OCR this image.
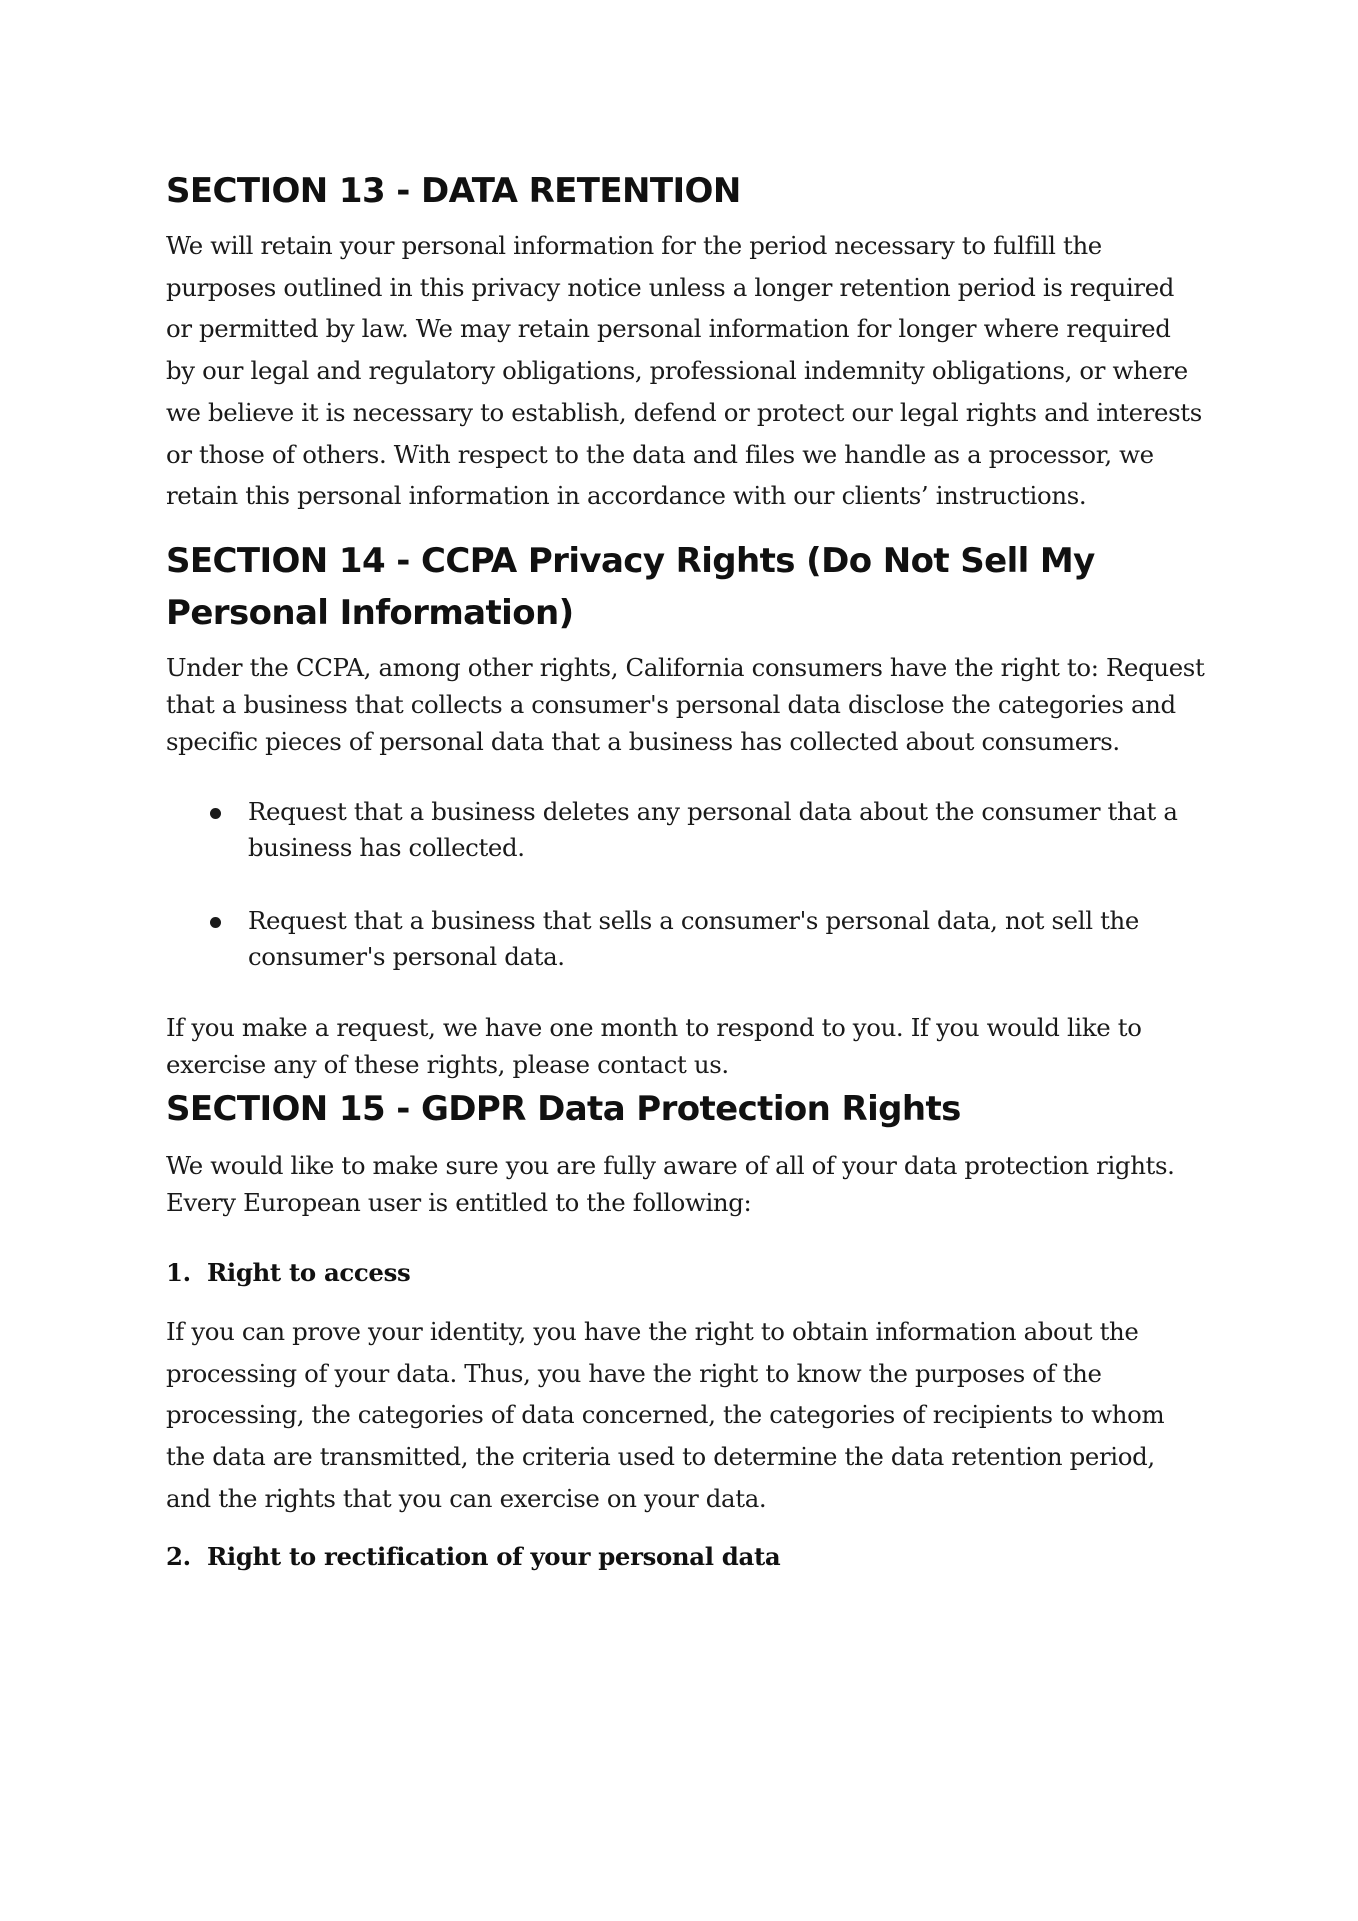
SECTION 13 - DATA RETENTION

We will retain your personal information for the period necessary to fulfill the purposes outlined in this privacy notice unless a longer retention period is required or permitted by law. We may retain personal information for longer where required by our legal and regulatory obligations, professional indemnity obligations, or where we believe it is necessary to establish, defend or protect our legal rights and interests or those of others. With respect to the data and files we handle as a processor, we retain this personal information in accordance with our clients’ instructions.

SECTION 14 - CCPA Privacy Rights (Do Not Sell My Personal Information)

Under the CCPA, among other rights, California consumers have the right to: Request that a business that collects a consumer's personal data disclose the categories and specific pieces of personal data that a business has collected about consumers.

Request that a business deletes any personal data about the consumer that a business has collected.
Request that a business that sells a consumer's personal data, not sell the consumer's personal data.

If you make a request, we have one month to respond to you. If you would like to exercise any of these rights, please contact us.

SECTION 15 - GDPR Data Protection Rights

We would like to make sure you are fully aware of all of your data protection rights. Every European user is entitled to the following:

1. Right to access

If you can prove your identity, you have the right to obtain information about the processing of your data. Thus, you have the right to know the purposes of the processing, the categories of data concerned, the categories of recipients to whom the data are transmitted, the criteria used to determine the data retention period, and the rights that you can exercise on your data.

2. Right to rectification of your personal data
